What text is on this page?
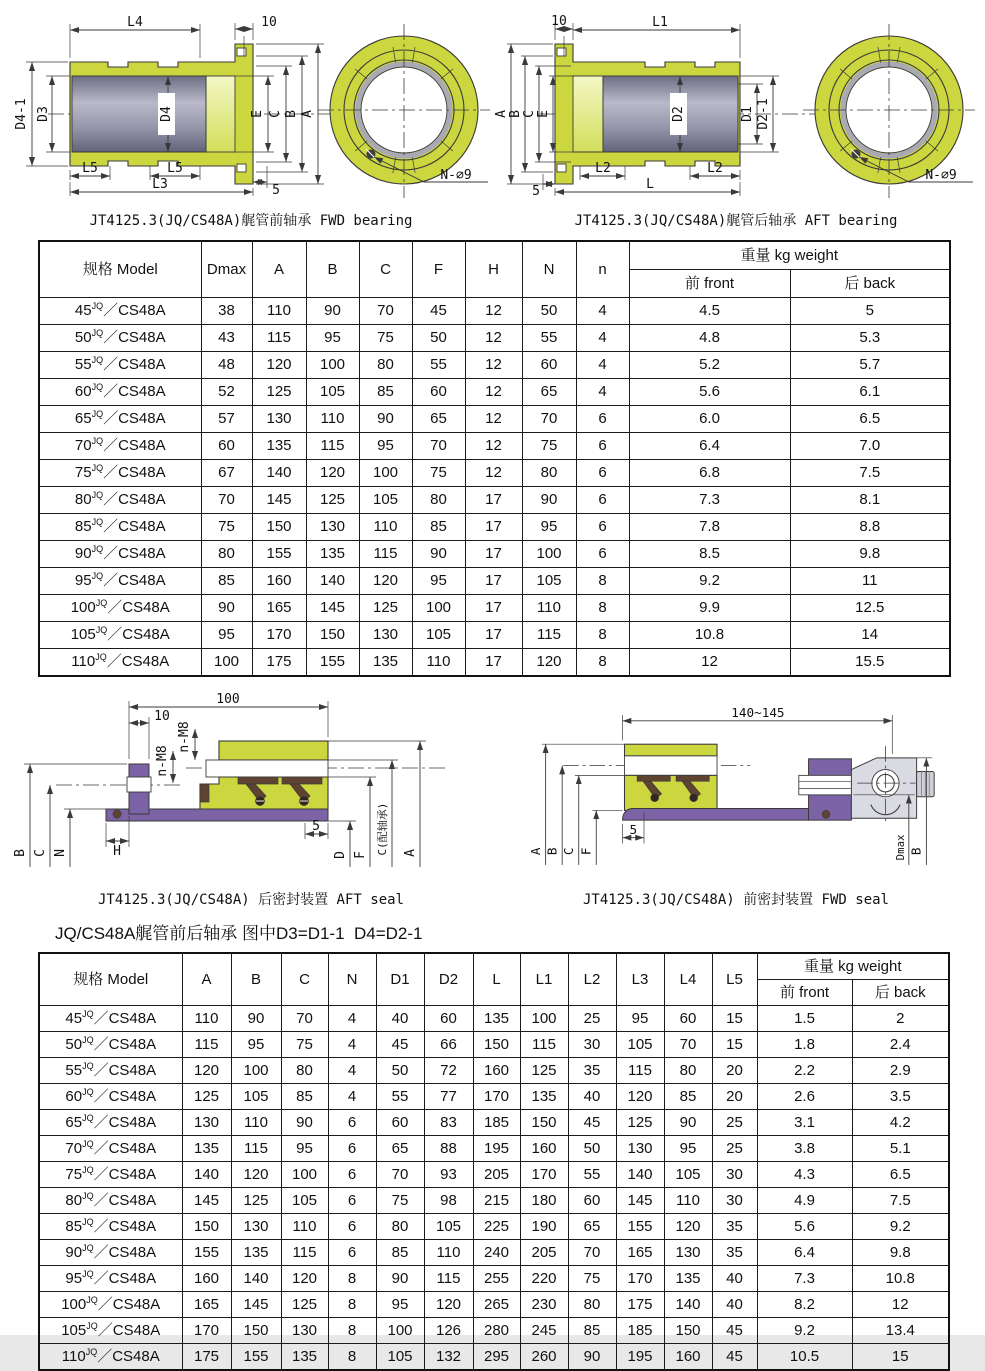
L4	10
D4-1 D3	D4	E C B A
L5	L5
L3	5
N-∅9
JT4125.3(JQ/CS48A)艉管前轴承 FWD bearing
10	L1
A B C E	D2	D1 D2-1
L2	L2
5	L
N-∅9
JT4125.3(JQ/CS48A)艉管后轴承 AFT bearing
规格 Model	Dmax	A	B	C	F	H	N	n	重量 kg weight	
									前 front	后 back
$45^{JQ}/CS48A$	38	110	90	70	45	12	50	4	4.5	5
$50^{JQ}/CS48A$	43	115	95	75	50	12	55	4	4.8	5.3
$55^{JQ}/CS48A$	48	120	100	80	55	12	60	4	5.2	5.7
$60^{JQ}/CS48A$	52	125	105	85	60	12	65	4	5.6	6.1
$65^{JQ}/CS48A$	57	130	110	90	65	12	70	6	6.0	6.5
$70^{JQ}/CS48A$	60	135	115	95	70	12	75	6	6.4	7.0
$75^{JQ}/CS48A$	67	140	120	100	75	12	80	6	6.8	7.5
$80^{JQ}/CS48A$	70	145	125	105	80	17	90	6	7.3	8.1
$85^{JQ}/CS48A$	75	150	130	110	85	17	95	6	7.8	8.8
$90^{JQ}/CS48A$	80	155	135	115	90	17	100	6	8.5	9.8
$95^{JQ}/CS48A$	85	160	140	120	95	17	105	8	9.2	11
$100^{JQ}/CS48A$	90	165	145	125	100	17	110	8	9.9	12.5
$105^{JQ}/CS48A$	95	170	150	130	105	17	115	8	10.8	14
$110^{JQ}/CS48A$	100	175	155	135	110	17	120	8	12	15.5
100
10
n-M8
n-M8
B C N	H
5
D F C(配轴承) A
JT4125.3(JQ/CS48A) 后密封装置 AFT seal
140~145
A B C F
5
Dmax B
JT4125.3(JQ/CS48A) 前密封装置 FWD seal
JQ/CS48A艉管前后轴承 图中D3=D1-1  D4=D2-1
规格 Model	A	B	C	N	D1	D2	L	L1	L2	L3	L4	L5	重量 kg weight	
													前 front	后 back
$45^{JQ}/CS48A$	110	90	70	4	40	60	135	100	25	95	60	15	1.5	2
$50^{JQ}/CS48A$	115	95	75	4	45	66	150	115	30	105	70	15	1.8	2.4
$55^{JQ}/CS48A$	120	100	80	4	50	72	160	125	35	115	80	20	2.2	2.9
$60^{JQ}/CS48A$	125	105	85	4	55	77	170	135	40	120	85	20	2.6	3.5
$65^{JQ}/CS48A$	130	110	90	6	60	83	185	150	45	125	90	25	3.1	4.2
$70^{JQ}/CS48A$	135	115	95	6	65	88	195	160	50	130	95	25	3.8	5.1
$75^{JQ}/CS48A$	140	120	100	6	70	93	205	170	55	140	105	30	4.3	6.5
$80^{JQ}/CS48A$	145	125	105	6	75	98	215	180	60	145	110	30	4.9	7.5
$85^{JQ}/CS48A$	150	130	110	6	80	105	225	190	65	155	120	35	5.6	9.2
$90^{JQ}/CS48A$	155	135	115	6	85	110	240	205	70	165	130	35	6.4	9.8
$95^{JQ}/CS48A$	160	140	120	8	90	115	255	220	75	170	135	40	7.3	10.8
$100^{JQ}/CS48A$	165	145	125	8	95	120	265	230	80	175	140	40	8.2	12
$105^{JQ}/CS48A$	170	150	130	8	100	126	280	245	85	185	150	45	9.2	13.4
$110^{JQ}/CS48A$	175	155	135	8	105	132	295	260	90	195	160	45	10.5	15
